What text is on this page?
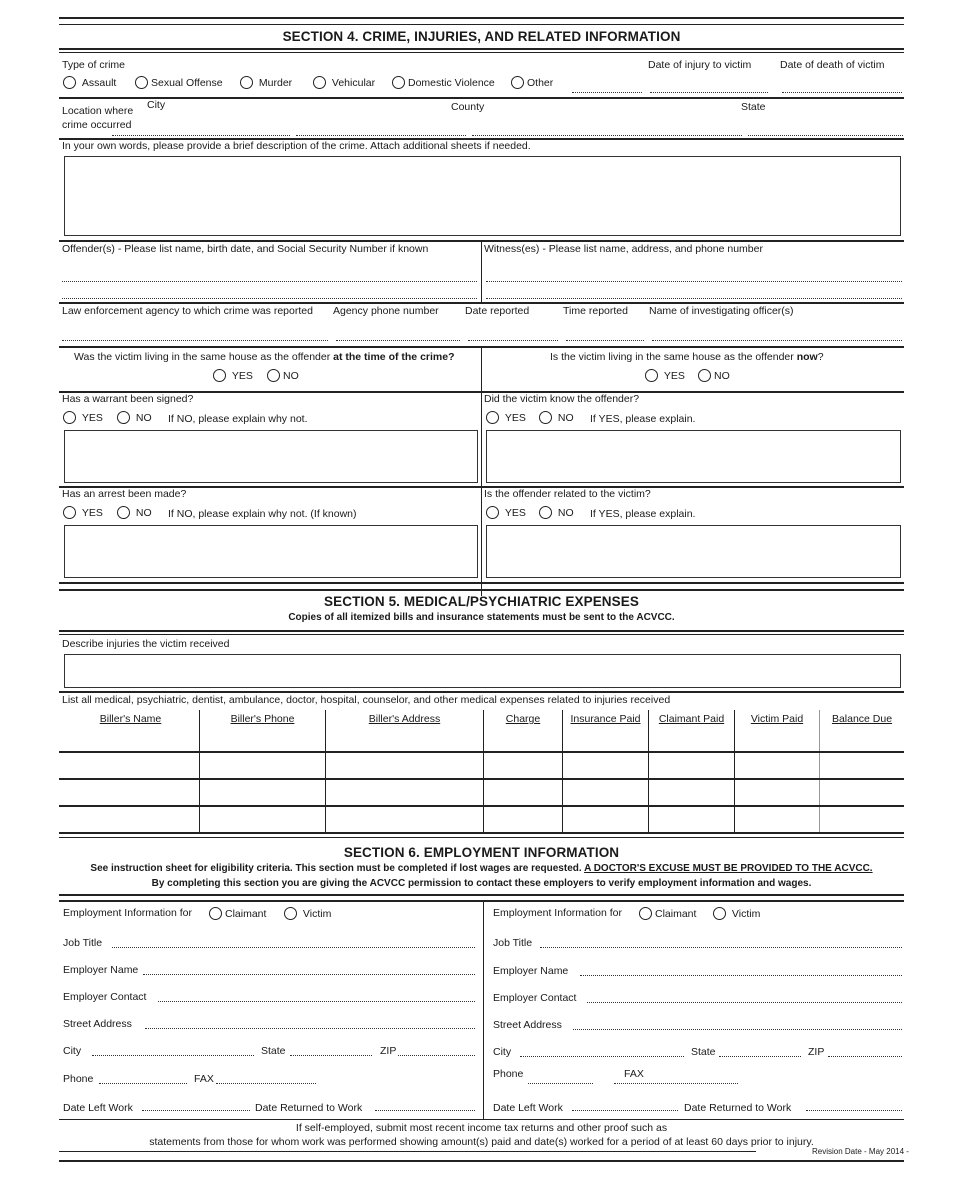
SECTION 4. CRIME, INJURIES, AND RELATED INFORMATION
Type of crime

Assault	Sexual Offense
	Murder
	Vehicular	Domestic Violence	Other
Date of injury to victim	Date of death of victim
Location where
crime occurred
City	County	State
In your own words, please provide a brief description of the crime. Attach additional sheets if needed.
Offender(s) - Please list name, birth date, and Social Security Number if known	Witness(es) - Please list name, address, and phone number
Law enforcement agency to which crime was reported Agency phone number	Date reported	Time reported Name of investigating officer(s)
Was the victim living in the same house as the offender at the time of the crime?

YES	NO
Is the victim living in the same house as the offender now?

YES	NO
Has a warrant been signed?

YES
	NO If NO, please explain why not.
Did the victim know the offender?

YES
	NO If YES, please explain.
Has an arrest been made?

YES
	NO If NO, please explain why not. (If known)
Is the offender related to the victim?

YES
	NO If YES, please explain.
SECTION 5. MEDICAL/PSYCHIATRIC EXPENSES
Copies of all itemized bills and insurance statements must be sent to the ACVCC.
Describe injuries the victim received
List all medical, psychiatric, dentist, ambulance, doctor, hospital, counselor, and other medical expenses related to injuries received
Biller's Name	Biller's Phone	Biller's Address	Charge	Insurance Paid	Claimant Paid	Victim Paid	Balance Due
SECTION 6. EMPLOYMENT INFORMATION
See instruction sheet for eligibility criteria. This section must be completed if lost wages are requested. A DOCTOR'S EXCUSE MUST BE PROVIDED TO THE ACVCC.
By completing this section you are giving the ACVCC permission to contact these employers to verify employment information and wages.
Employment Information for	Claimant
	Victim
Job Title
Employer Name
Employer Contact
Street Address
City	State	ZIP
Phone	FAX
Date Left Work	Date Returned to Work
Employment Information for	Claimant
	Victim
Job Title
Employer Name
Employer Contact
Street Address
City	State	ZIP
Phone	FAX
Date Left Work	Date Returned to Work
If self-employed, submit most recent income tax returns and other proof such as
statements from those for whom work was performed showing amount(s) paid and date(s) worked for a period of at least 60 days prior to injury.
Revision Date - May 2014 -
